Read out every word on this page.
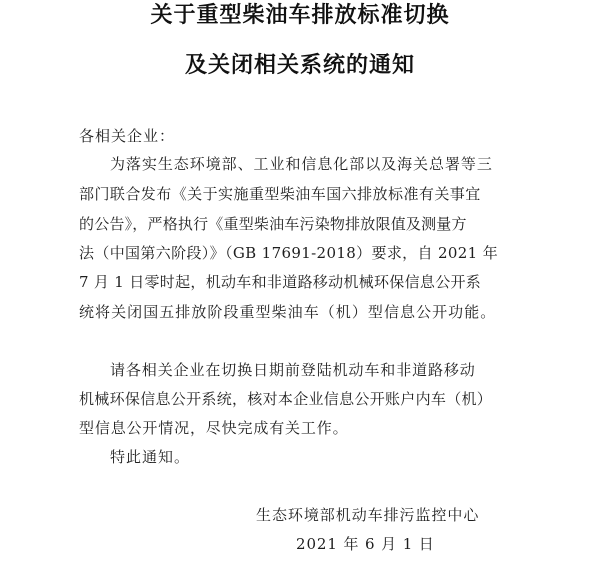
关于重型柴油车排放标准切换
及关闭相关系统的通知
各相关企业：
为落实生态环境部、工业和信息化部以及海关总署等三
部门联合发布《关于实施重型柴油车国六排放标准有关事宜
的公告》，严格执行《重型柴油车污染物排放限值及测量方
法（中国第六阶段）》（GB 17691-2018）要求，自 2021 年
7 月 1 日零时起，机动车和非道路移动机械环保信息公开系
统将关闭国五排放阶段重型柴油车（机）型信息公开功能。
请各相关企业在切换日期前登陆机动车和非道路移动
机械环保信息公开系统，核对本企业信息公开账户内车（机）
型信息公开情况，尽快完成有关工作。
特此通知。
生态环境部机动车排污监控中心
2021 年 6 月 1 日
